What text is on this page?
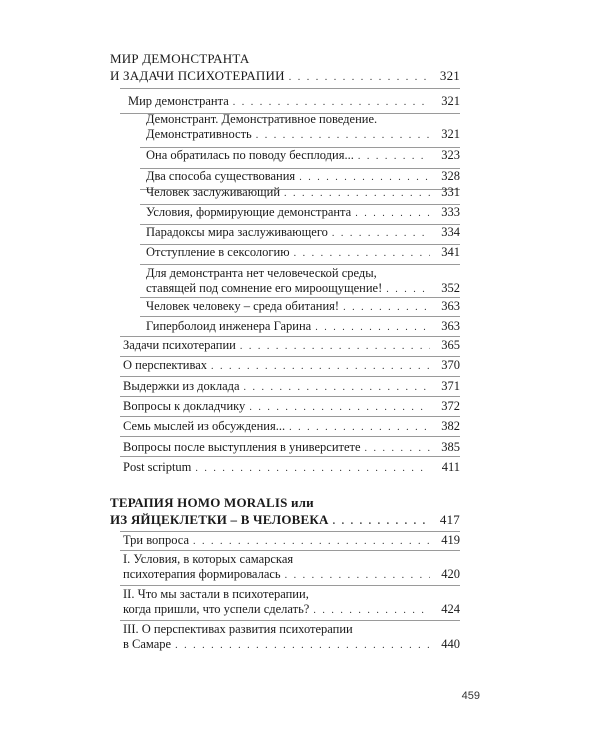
МИР ДЕМОНСТРАНТА
И ЗАДАЧИ ПСИХОТЕРАПИИ . . .	321
Мир демонстранта . . .	321
Демонстрант. Демонстративное поведение.
Демонстративность . . .	321
Она обратилась по поводу бесплодия... . . .	323
Два способа существования . . .	328
Человек заслуживающий . . .	331
Условия, формирующие демонстранта . . .	333
Парадоксы мира заслуживающего . . .	334
Отступление в сексологию . . .	341
Для демонстранта нет человеческой среды,
ставящей под сомнение его мироощущение! . . .	352
Человек человеку – среда обитания! . . .	363
Гиперболоид инженера Гарина . . .	363
Задачи психотерапии . . .	365
О перспективах . . .	370
Выдержки из доклада . . .	371
Вопросы к докладчику . . .	372
Семь мыслей из обсуждения... . . .	382
Вопросы после выступления в университете . . .	385
Post scriptum . . .	411
ТЕРАПИЯ HOMO MORALIS или
ИЗ ЯЙЦЕКЛЕТКИ – В ЧЕЛОВЕКА . . .	417
Три вопроса . . .	419
I. Условия, в которых самарская
психотерапия формировалась . . .	420
II. Что мы застали в психотерапии,
когда пришли, что успели сделать? . . .	424
III. О перспективах развития психотерапии
в Самаре . . .	440
459
